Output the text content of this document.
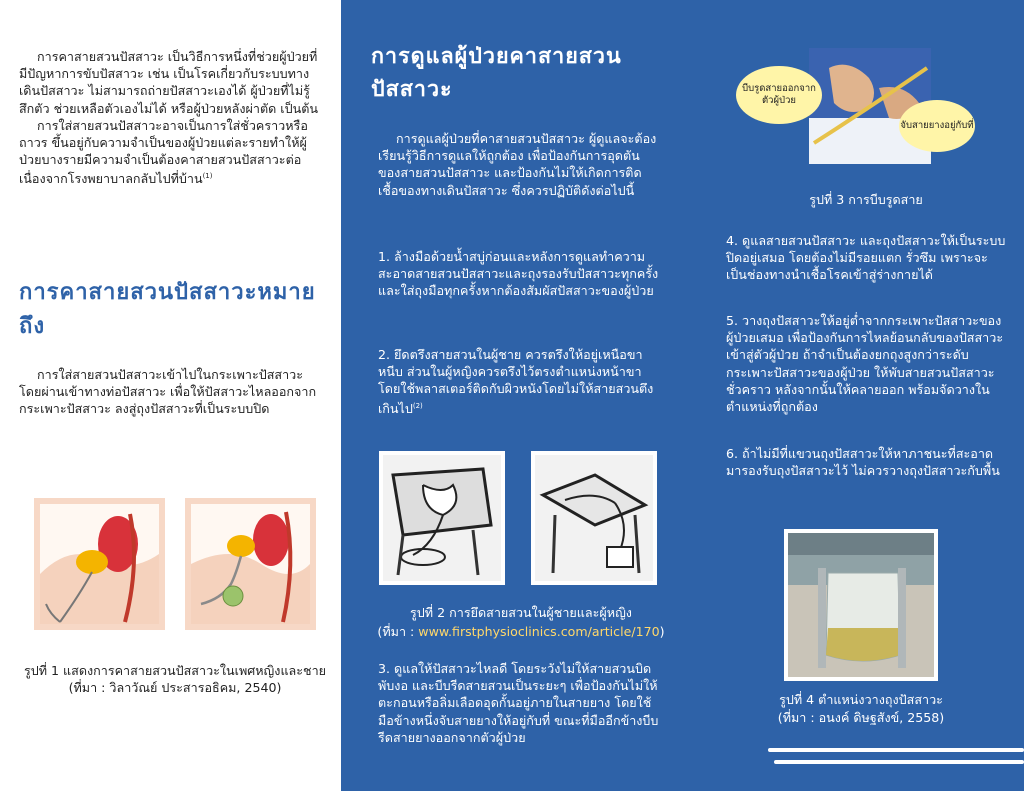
การคาสายสวนปัสสาวะ เป็นวิธีการหนึ่งที่ช่วยผู้ป่วยที่มีปัญหาการขับปัสสาวะ เช่น เป็นโรคเกี่ยวกับระบบทางเดินปัสสาวะ ไม่สามารถถ่ายปัสสาวะเองได้ ผู้ป่วยที่ไม่รู้สึกตัว ช่วยเหลือตัวเองไม่ได้ หรือผู้ป่วยหลังผ่าตัด เป็นต้น

การใส่สายสวนปัสสาวะอาจเป็นการใส่ชั่วคราวหรือถาวร ขึ้นอยู่กับความจำเป็นของผู้ป่วยแต่ละรายทำให้ผู้ป่วยบางรายมีความจำเป็นต้องคาสายสวนปัสสาวะต่อเนื่องจากโรงพยาบาลกลับไปที่บ้าน$^{(1)}$

การคาสายสวนปัสสาวะหมายถึง

การใส่สายสวนปัสสาวะเข้าไปในกระเพาะปัสสาวะโดยผ่านเข้าทางท่อปัสสาวะ เพื่อให้ปัสสาวะไหลออกจากกระเพาะปัสสาวะ ลงสู่ถุงปัสสาวะที่เป็นระบบปิด

รูปที่ 1 แสดงการคาสายสวนปัสสาวะในเพศหญิงและชาย

(ที่มา : วิลาวัณย์ ประสารอธิคม, 2540)

การดูแลผู้ป่วยคาสายสวนปัสสาวะ

การดูแลผู้ป่วยที่คาสายสวนปัสสาวะ ผู้ดูแลจะต้องเรียนรู้วิธีการดูแลให้ถูกต้อง เพื่อป้องกันการอุดตันของสายสวนปัสสาวะ และป้องกันไม่ให้เกิดการติดเชื้อของทางเดินปัสสาวะ ซึ่งควรปฏิบัติดังต่อไปนี้

1. ล้างมือด้วยน้ำสบู่ก่อนและหลังการดูแลทำความสะอาดสายสวนปัสสาวะและถุงรองรับปัสสาวะทุกครั้ง และใส่ถุงมือทุกครั้งหากต้องสัมผัสปัสสาวะของผู้ป่วย

2. ยึดตรึงสายสวนในผู้ชาย ควรตรึงให้อยู่เหนือขาหนีบ ส่วนในผู้หญิงควรตรึงไว้ตรงตำแหน่งหน้าขา โดยใช้พลาสเตอร์ติดกับผิวหนังโดยไม่ให้สายสวนตึงเกินไป$^{(2)}$

รูปที่ 2 การยึดสายสวนในผู้ชายและผู้หญิง

(ที่มา : www.firstphysioclinics.com/article/170)

3. ดูแลให้ปัสสาวะไหลดี โดยระวังไม่ให้สายสวนบิด พับงอ และบีบรีดสายสวนเป็นระยะๆ เพื่อป้องกันไม่ให้ตะกอนหรือลิ่มเลือดอุดกั้นอยู่ภายในสายยาง โดยใช้มือข้างหนึ่งจับสายยางให้อยู่กับที่ ขณะที่มืออีกข้างบีบรีดสายยางออกจากตัวผู้ป่วย

บีบรูดสายออกจากตัวผู้ป่วย
จับสายยางอยู่กับที่

รูปที่ 3 การบีบรูดสาย

4. ดูแลสายสวนปัสสาวะ และถุงปัสสาวะให้เป็นระบบปิดอยู่เสมอ โดยต้องไม่มีรอยแตก รั่วซึม เพราะจะเป็นช่องทางนำเชื้อโรคเข้าสู่ร่างกายได้

5. วางถุงปัสสาวะให้อยู่ต่ำจากกระเพาะปัสสาวะของผู้ป่วยเสมอ เพื่อป้องกันการไหลย้อนกลับของปัสสาวะเข้าสู่ตัวผู้ป่วย ถ้าจำเป็นต้องยกถุงสูงกว่าระดับกระเพาะปัสสาวะของผู้ป่วย ให้พับสายสวนปัสสาวะชั่วคราว หลังจากนั้นให้คลายออก พร้อมจัดวางในตำแหน่งที่ถูกต้อง

6. ถ้าไม่มีที่แขวนถุงปัสสาวะให้หาภาชนะที่สะอาดมารองรับถุงปัสสาวะไว้ ไม่ควรวางถุงปัสสาวะกับพื้น

รูปที่ 4 ตำแหน่งวางถุงปัสสาวะ

(ที่มา : อนงค์ ดิษฐสังข์, 2558)
